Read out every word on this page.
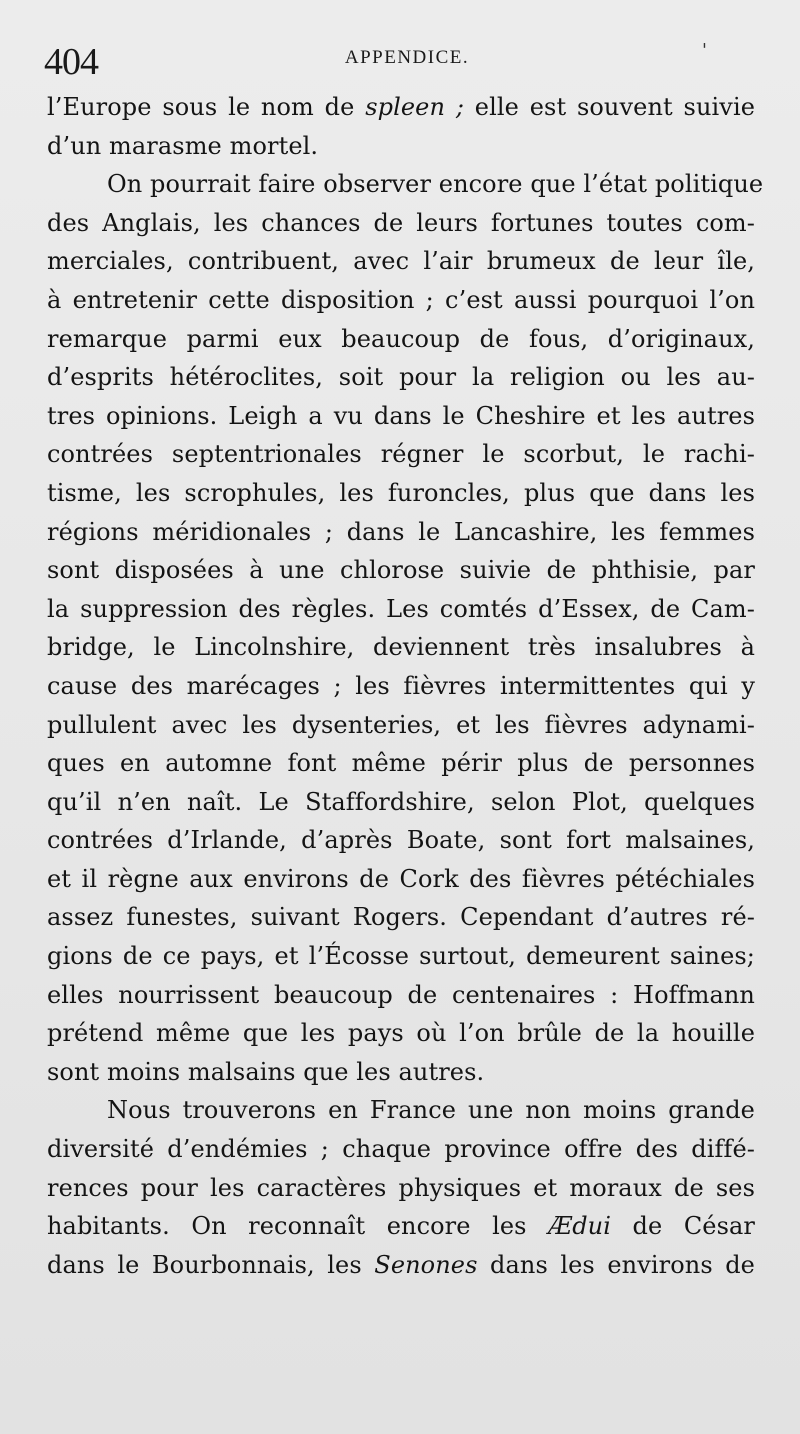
404	APPENDICE.	'
l’Europe sous le nom de spleen ; elle est souvent suivie
d’un marasme mortel.
On pourrait faire observer encore que l’état politique
des Anglais, les chances de leurs fortunes toutes com-
merciales, contribuent, avec l’air brumeux de leur île,
à entretenir cette disposition ; c’est aussi pourquoi l’on
remarque parmi eux beaucoup de fous, d’originaux,
d’esprits hétéroclites, soit pour la religion ou les au-
tres opinions. Leigh a vu dans le Cheshire et les autres
contrées septentrionales régner le scorbut, le rachi-
tisme, les scrophules, les furoncles, plus que dans les
régions méridionales ; dans le Lancashire, les femmes
sont disposées à une chlorose suivie de phthisie, par
la suppression des règles. Les comtés d’Essex, de Cam-
bridge, le Lincolnshire, deviennent très insalubres à
cause des marécages ; les fièvres intermittentes qui y
pullulent avec les dysenteries, et les fièvres adynami-
ques en automne font même périr plus de personnes
qu’il n’en naît. Le Staffordshire, selon Plot, quelques
contrées d’Irlande, d’après Boate, sont fort malsaines,
et il règne aux environs de Cork des fièvres pétéchiales
assez funestes, suivant Rogers. Cependant d’autres ré-
gions de ce pays, et l’Écosse surtout, demeurent saines;
elles nourrissent beaucoup de centenaires : Hoffmann
prétend même que les pays où l’on brûle de la houille
sont moins malsains que les autres.
Nous trouverons en France une non moins grande
diversité d’endémies ; chaque province offre des diffé-
rences pour les caractères physiques et moraux de ses
habitants. On reconnaît encore les Ædui de César
dans le Bourbonnais, les Senones dans les environs de
